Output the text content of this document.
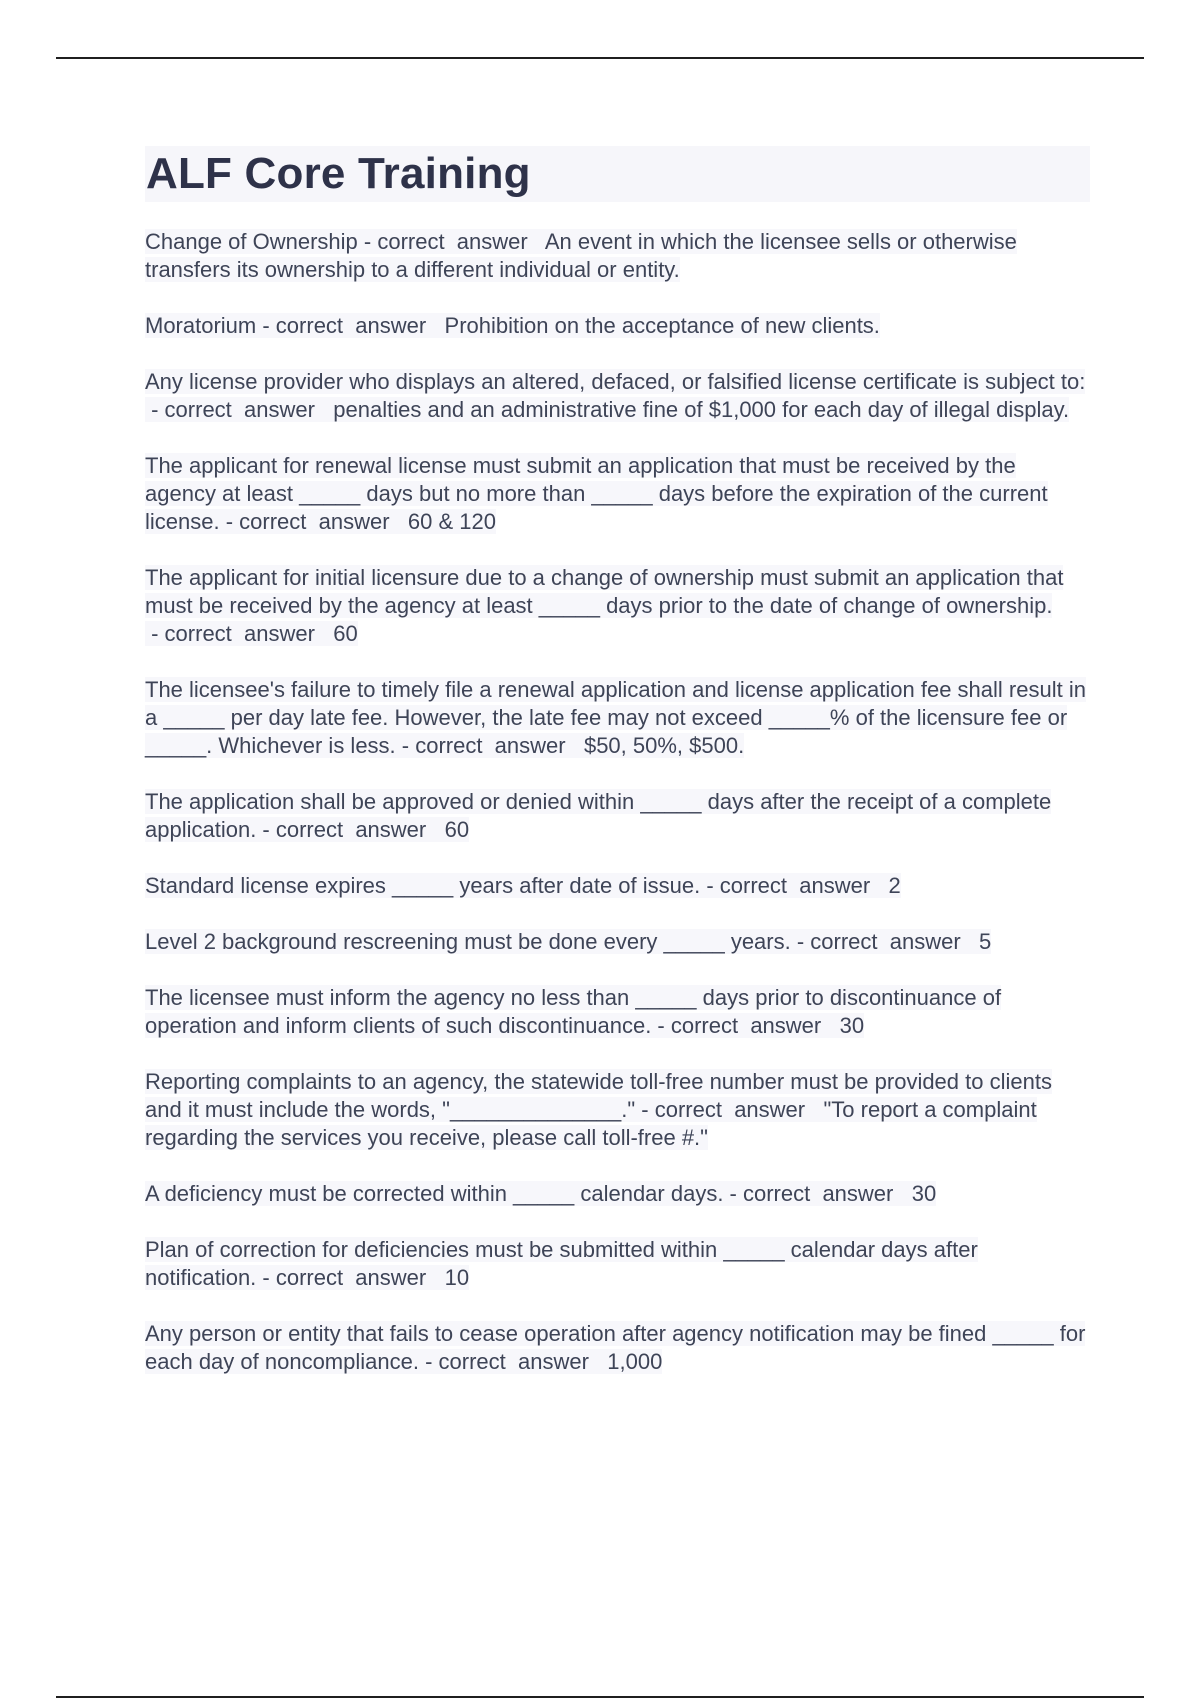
ALF Core Training

Change of Ownership - correct  answer   An event in which the licensee sells or otherwise transfers its ownership to a different individual or entity.

Moratorium - correct  answer   Prohibition on the acceptance of new clients.

Any license provider who displays an altered, defaced, or falsified license certificate is subject to: - correct  answer   penalties and an administrative fine of $1,000 for each day of illegal display.

The applicant for renewal license must submit an application that must be received by the agency at least _____ days but no more than _____ days before the expiration of the current license. - correct  answer   60 & 120

The applicant for initial licensure due to a change of ownership must submit an application that must be received by the agency at least _____ days prior to the date of change of ownership. - correct  answer   60

The licensee's failure to timely file a renewal application and license application fee shall result in a _____ per day late fee. However, the late fee may not exceed _____% of the licensure fee or _____. Whichever is less. - correct  answer   $50, 50%, $500.

The application shall be approved or denied within _____ days after the receipt of a complete application. - correct  answer   60

Standard license expires _____ years after date of issue. - correct  answer   2

Level 2 background rescreening must be done every _____ years. - correct  answer   5

The licensee must inform the agency no less than _____ days prior to discontinuance of operation and inform clients of such discontinuance. - correct  answer   30

Reporting complaints to an agency, the statewide toll-free number must be provided to clients and it must include the words, "______________." - correct  answer   "To report a complaint regarding the services you receive, please call toll-free #."

A deficiency must be corrected within _____ calendar days. - correct  answer   30

Plan of correction for deficiencies must be submitted within _____ calendar days after notification. - correct  answer   10

Any person or entity that fails to cease operation after agency notification may be fined _____ for each day of noncompliance. - correct  answer   1,000
